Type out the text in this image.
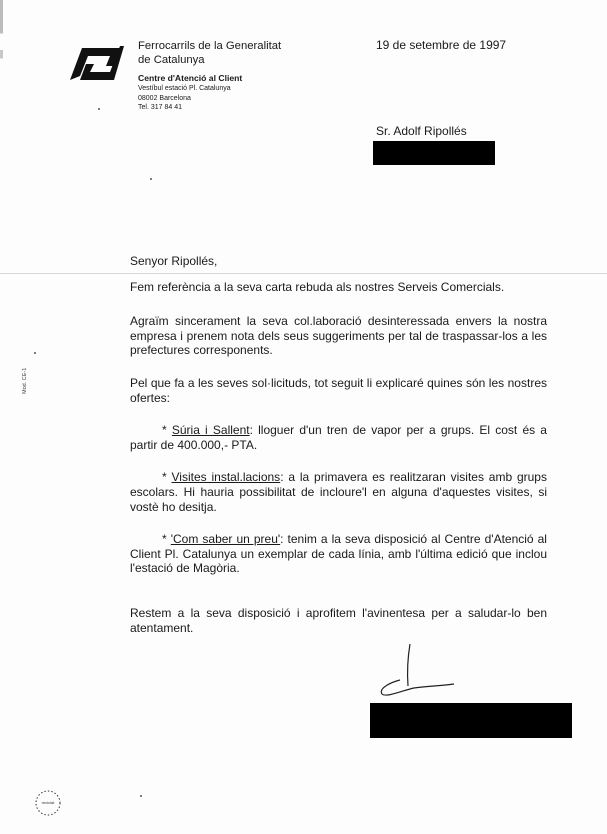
Ferrocarrils de la Generalitat
de Catalunya
Centre d'Atenció al Client
Vestíbul estació Pl. Catalunya
08002 Barcelona
Tel. 317 84 41
19 de setembre de 1997
Sr. Adolf Ripollés
Mod. CE-1

Senyor Ripollés,

Fem referència a la seva carta rebuda als nostres Serveis Comercials.

Agraïm sincerament la seva col.laboració desinteressada envers la nostra empresa i prenem nota dels seus suggeriments per tal de traspassar-los a les prefectures corresponents.

Pel que fa a les seves sol·licituds, tot seguit li explicaré quines són les nostres ofertes:

* Súria i Sallent: lloguer d'un tren de vapor per a grups. El cost és a partir de 400.000,- PTA.

* Visites instal.lacions: a la primavera es realitzaran visites amb grups escolars. Hi hauria possibilitat de incloure'l en alguna d'aquestes visites, si vostè ho desitja.

* 'Com saber un preu': tenim a la seva disposició al Centre d'Atenció al Client Pl. Catalunya un exemplar de cada línia, amb l'última edició que inclou l'estació de Magòria.

Restem a la seva disposició i aprofitem l'avinentesa per a saludar-lo ben atentament.

reciclat
